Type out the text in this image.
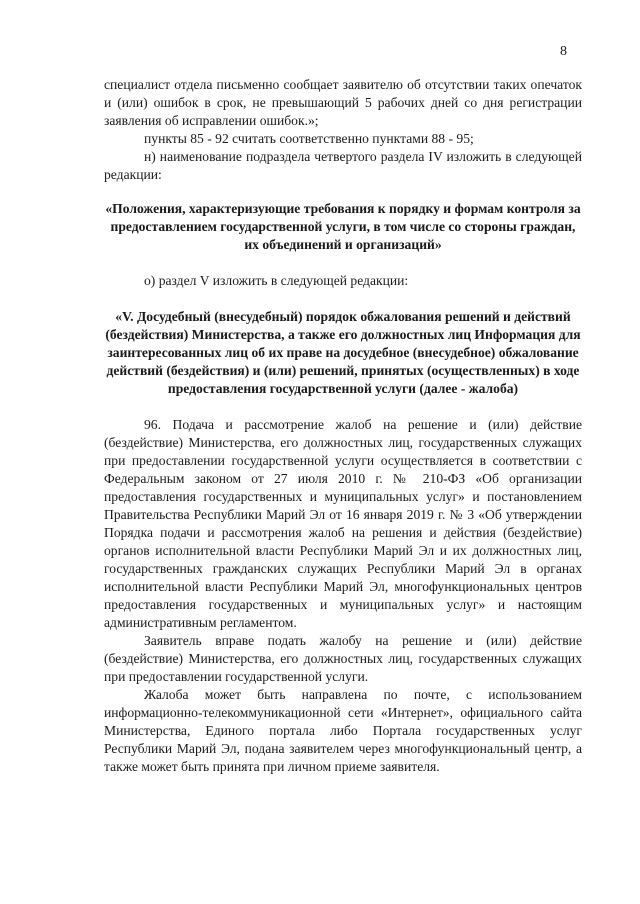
8

специалист отдела письменно сообщает заявителю об отсутствии таких опечаток и (или) ошибок в срок, не превышающий 5 рабочих дней со дня регистрации заявления об исправлении ошибок.»;

пункты 85 - 92 считать соответственно пунктами 88 - 95;

н) наименование подраздела четвертого раздела IV изложить в следующей редакции:

«Положения, характеризующие требования к порядку и формам контроля за предоставлением государственной услуги, в том числе со стороны граждан, их объединений и организаций»

о) раздел V изложить в следующей редакции:

«V. Досудебный (внесудебный) порядок обжалования решений и действий (бездействия) Министерства, а также его должностных лиц Информация для заинтересованных лиц об их праве на досудебное (внесудебное) обжалование действий (бездействия) и (или) решений, принятых (осуществленных) в ходе предоставления государственной услуги (далее - жалоба)

96. Подача и рассмотрение жалоб на решение и (или) действие (бездействие) Министерства, его должностных лиц, государственных служащих при предоставлении государственной услуги осуществляется в соответствии с Федеральным законом от 27 июля 2010 г. № 210-ФЗ «Об организации предоставления государственных и муниципальных услуг» и постановлением Правительства Республики Марий Эл от 16 января 2019 г. № 3 «Об утверждении Порядка подачи и рассмотрения жалоб на решения и действия (бездействие) органов исполнительной власти Республики Марий Эл и их должностных лиц, государственных гражданских служащих Республики Марий Эл в органах исполнительной власти Республики Марий Эл, многофункциональных центров предоставления государственных и муниципальных услуг» и настоящим административным регламентом.

Заявитель вправе подать жалобу на решение и (или) действие (бездействие) Министерства, его должностных лиц, государственных служащих при предоставлении государственной услуги.

Жалоба может быть направлена по почте, с использованием информационно-телекоммуникационной сети «Интернет», официального сайта Министерства, Единого портала либо Портала государственных услуг Республики Марий Эл, подана заявителем через многофункциональный центр, а также может быть принята при личном приеме заявителя.
